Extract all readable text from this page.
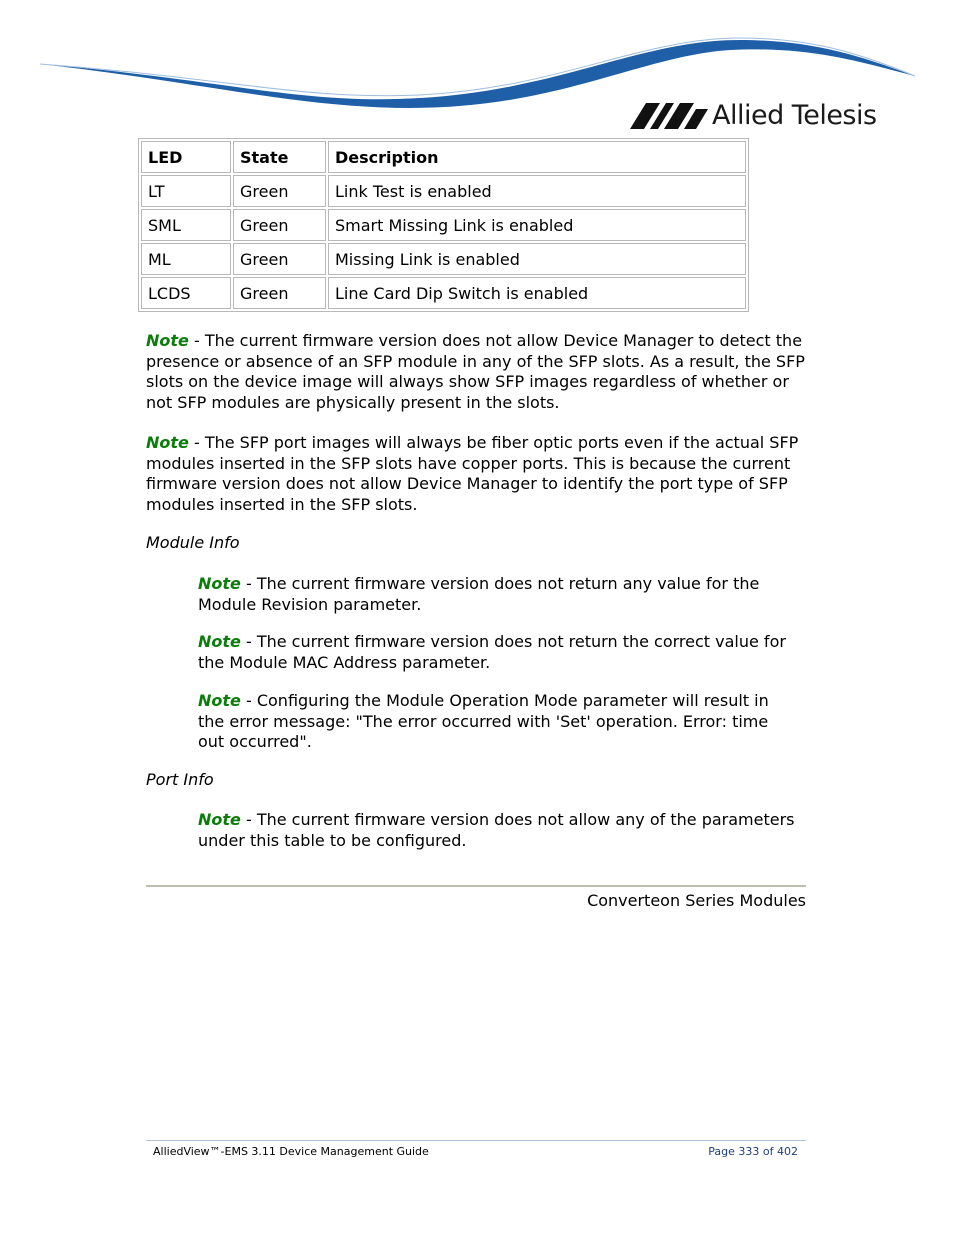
Allied Telesis
LED	State	Description
LT	Green	Link Test is enabled
SML	Green	Smart Missing Link is enabled
ML	Green	Missing Link is enabled
LCDS	Green	Line Card Dip Switch is enabled

Note - The current firmware version does not allow Device Manager to detect the presence or absence of an SFP module in any of the SFP slots. As a result, the SFP slots on the device image will always show SFP images regardless of whether or not SFP modules are physically present in the slots.

Note - The SFP port images will always be fiber optic ports even if the actual SFP modules inserted in the SFP slots have copper ports. This is because the current firmware version does not allow Device Manager to identify the port type of SFP modules inserted in the SFP slots.

Module Info

Note - The current firmware version does not return any value for the Module Revision parameter.

Note - The current firmware version does not return the correct value for the Module MAC Address parameter.

Note - Configuring the Module Operation Mode parameter will result in the error message: "The error occurred with 'Set' operation. Error: time out occurred".

Port Info

Note - The current firmware version does not allow any of the parameters under this table to be configured.

Converteon Series Modules
AlliedView™-EMS 3.11 Device Management Guide	Page 333 of 402
